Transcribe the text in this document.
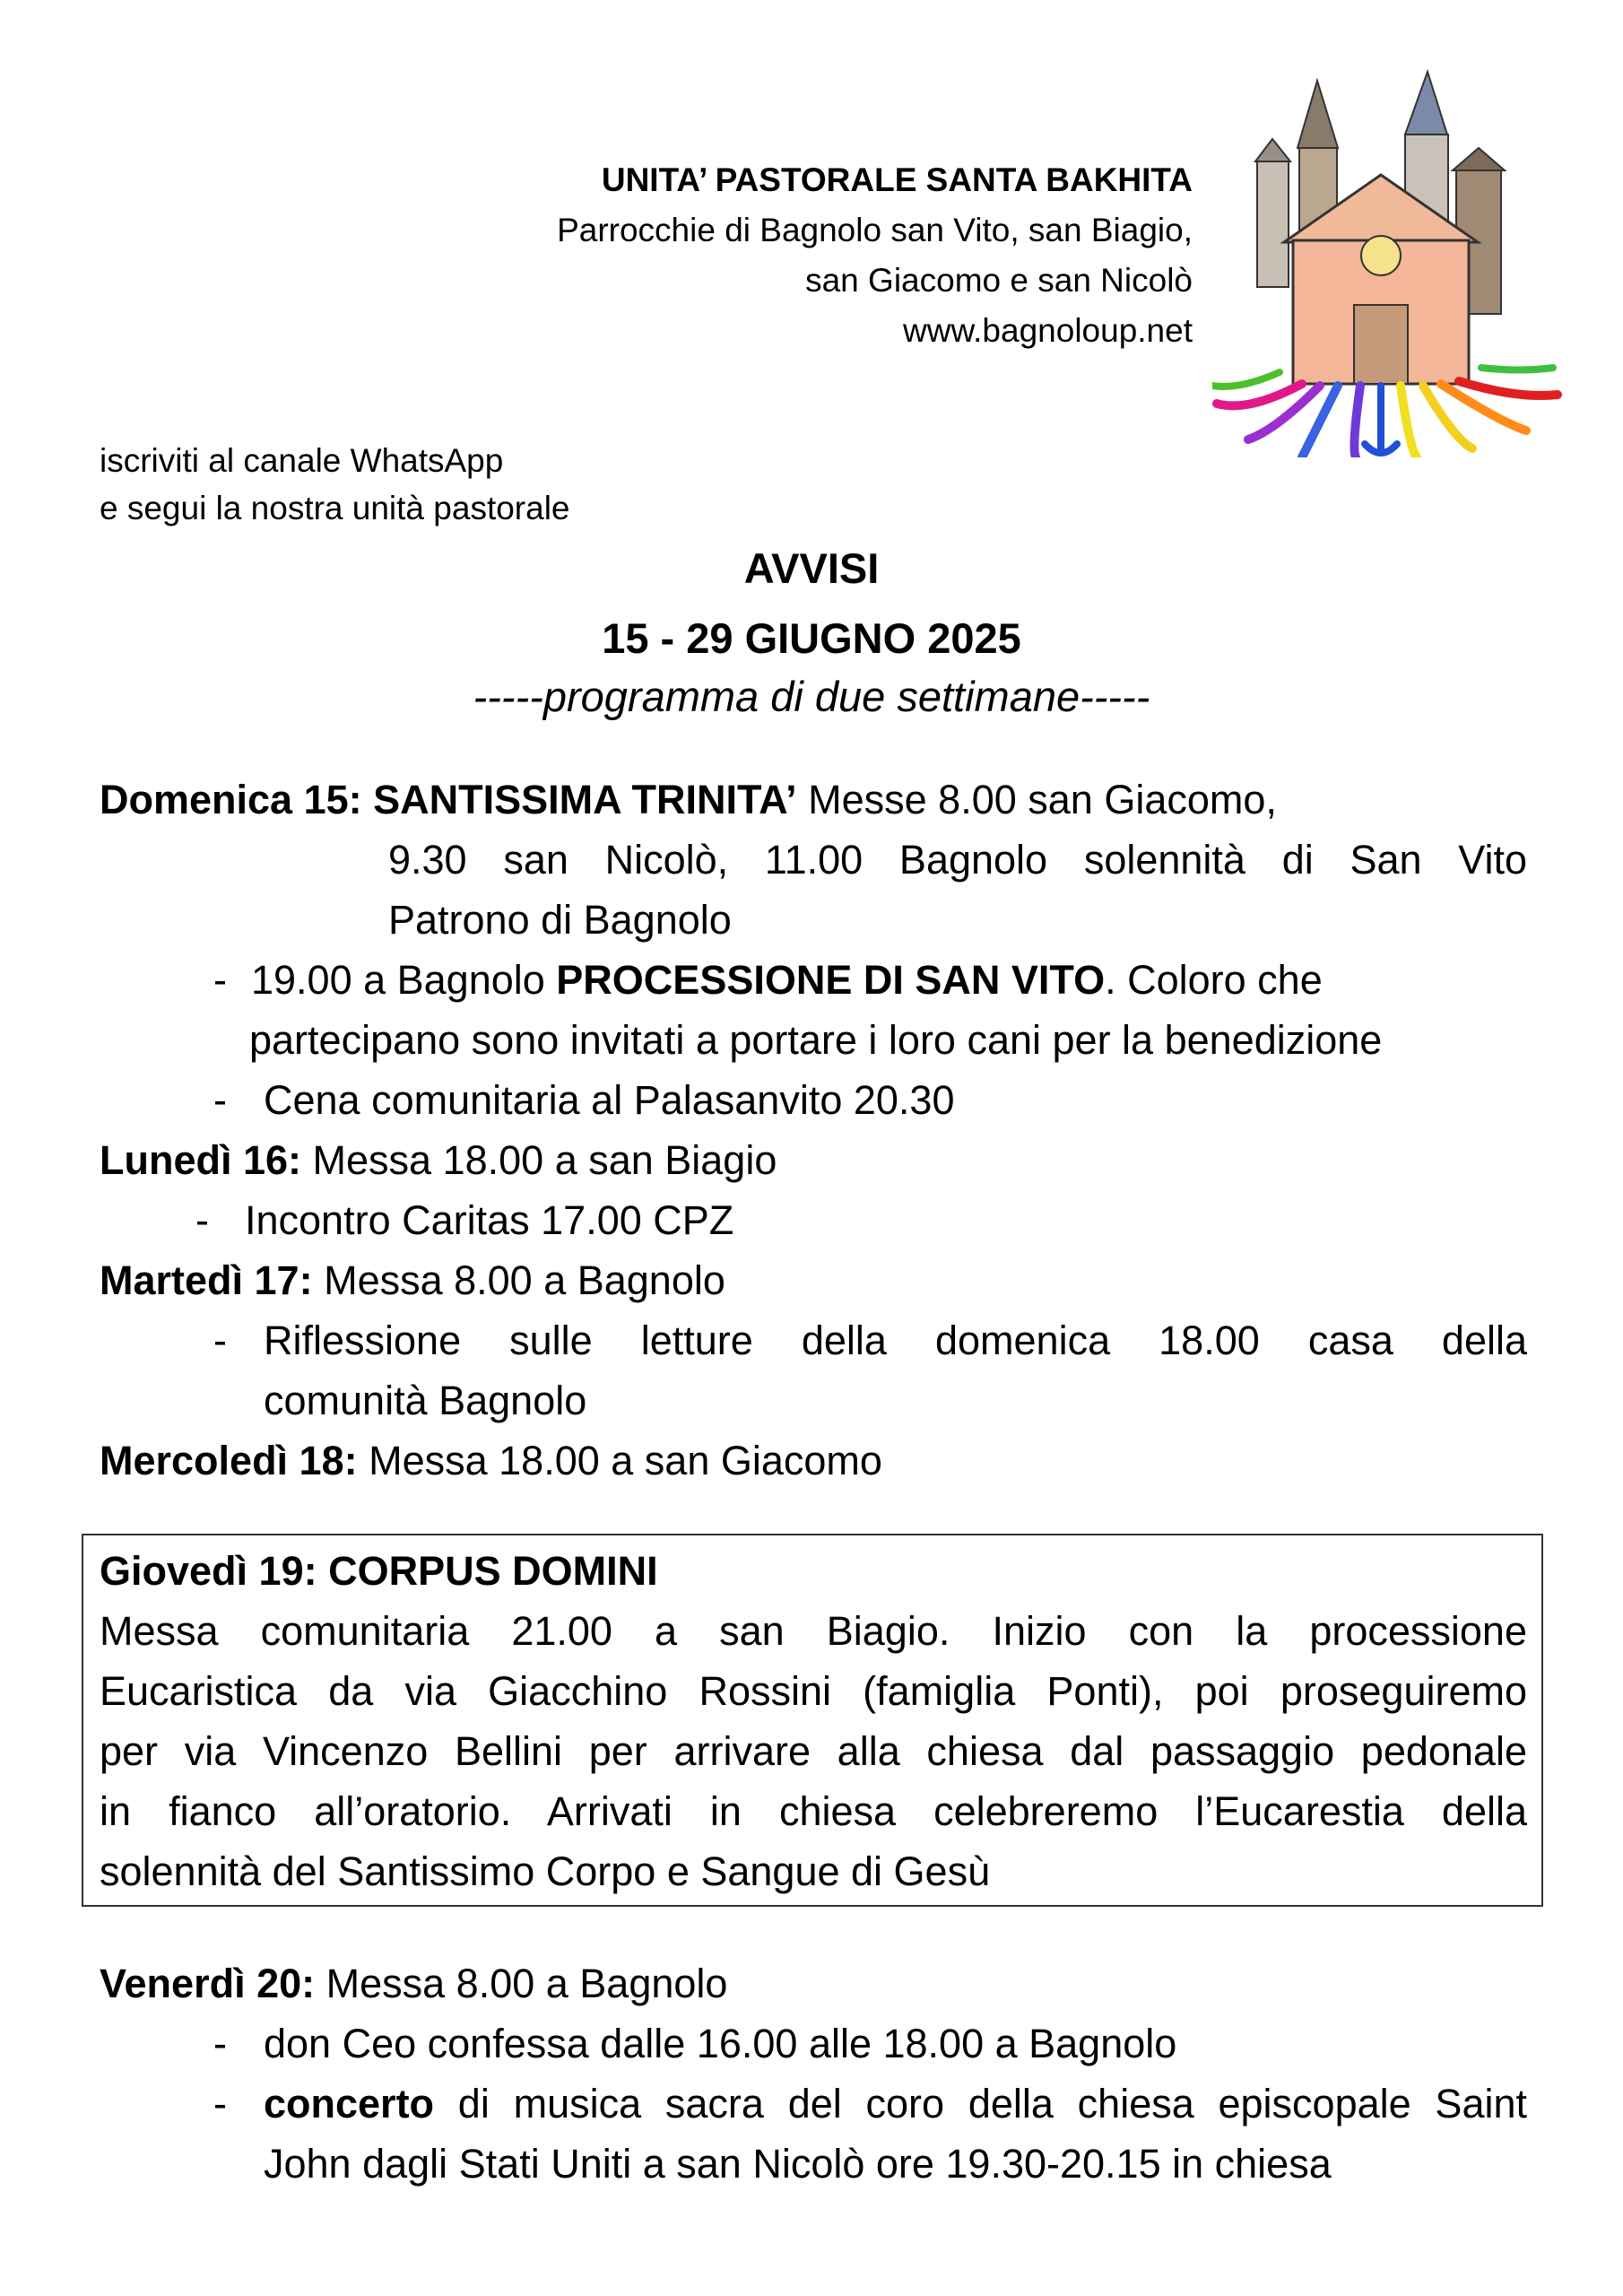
UNITA’ PASTORALE SANTA BAKHITA
Parrocchie di Bagnolo san Vito, san Biagio,
san Giacomo e san Nicolò
www.bagnoloup.net
iscriviti al canale WhatsApp
e segui la nostra unità pastorale
AVVISI
15 - 29 GIUGNO 2025
-----programma di due settimane-----
Domenica 15: SANTISSIMA TRINITA’ Messe 8.00 san Giacomo,
9.30 san Nicolò, 11.00 Bagnolo solennità di San Vito
Patrono di Bagnolo
- 19.00 a Bagnolo PROCESSIONE DI SAN VITO. Coloro che
partecipano sono invitati a portare i loro cani per la benedizione
- Cena comunitaria al Palasanvito 20.30
Lunedì 16: Messa 18.00 a san Biagio
- Incontro Caritas 17.00 CPZ
Martedì 17: Messa 8.00 a Bagnolo
- Riflessione sulle letture della domenica 18.00 casa della
comunità Bagnolo
Mercoledì 18: Messa 18.00 a san Giacomo
Giovedì 19: CORPUS DOMINI
Messa comunitaria 21.00 a san Biagio. Inizio con la processione
Eucaristica da via Giacchino Rossini (famiglia Ponti), poi proseguiremo
per via Vincenzo Bellini per arrivare alla chiesa dal passaggio pedonale
in fianco all’oratorio. Arrivati in chiesa celebreremo l’Eucarestia della
solennità del Santissimo Corpo e Sangue di Gesù
Venerdì 20: Messa 8.00 a Bagnolo
- don Ceo confessa dalle 16.00 alle 18.00 a Bagnolo
- concerto di musica sacra del coro della chiesa episcopale Saint
John dagli Stati Uniti a san Nicolò ore 19.30-20.15 in chiesa
